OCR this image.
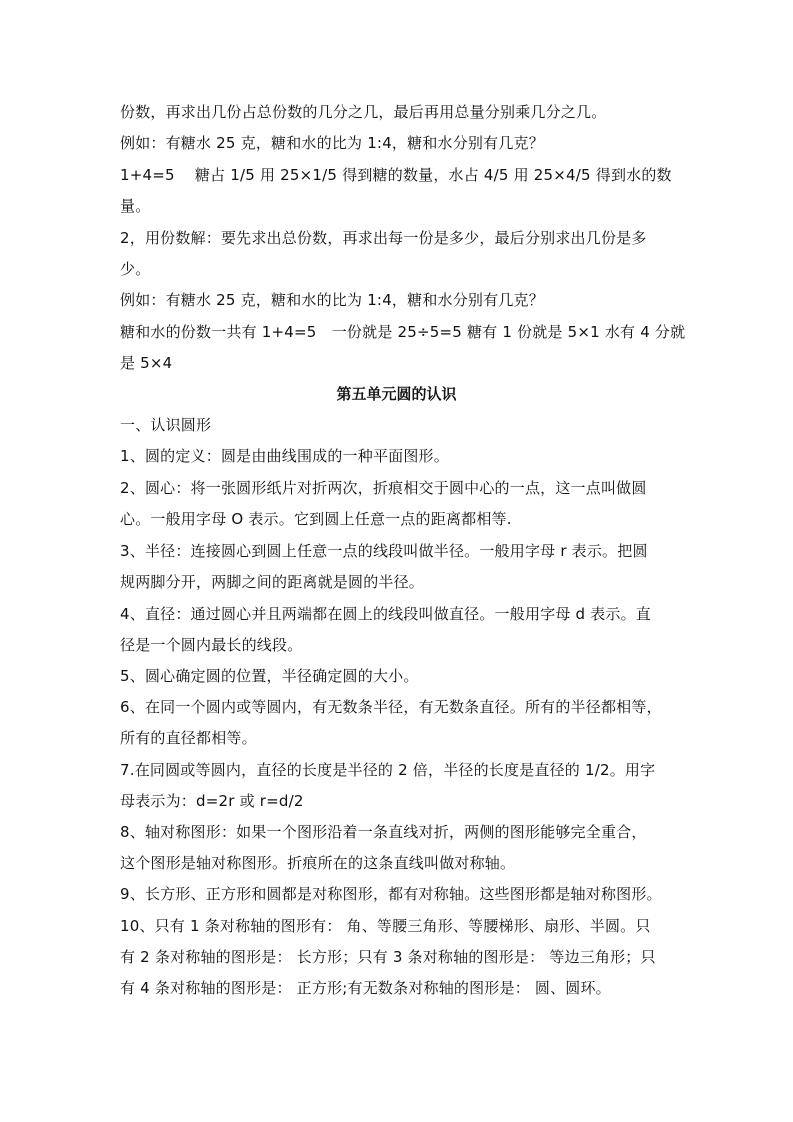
份数，再求出几份占总份数的几分之几，最后再用总量分别乘几分之几。
例如：有糖水 25 克，糖和水的比为 1:4，糖和水分别有几克？
1+4=5　 糖占 1/5 用 25×1/5 得到糖的数量，水占 4/5 用 25×4/5 得到水的数
量。
2，用份数解：要先求出总份数，再求出每一份是多少，最后分别求出几份是多
少。
例如：有糖水 25 克，糖和水的比为 1:4，糖和水分别有几克？
糖和水的份数一共有 1+4=5　一份就是 25÷5=5 糖有 1 份就是 5×1 水有 4 分就
是 5×4
第五单元圆的认识
一、认识圆形
1、圆的定义：圆是由曲线围成的一种平面图形。
2、圆心：将一张圆形纸片对折两次，折痕相交于圆中心的一点，这一点叫做圆
心。一般用字母 O 表示。它到圆上任意一点的距离都相等.
3、半径：连接圆心到圆上任意一点的线段叫做半径。一般用字母 r 表示。把圆
规两脚分开，两脚之间的距离就是圆的半径。
4、直径：通过圆心并且两端都在圆上的线段叫做直径。一般用字母 d 表示。直
径是一个圆内最长的线段。
5、圆心确定圆的位置，半径确定圆的大小。
6、在同一个圆内或等圆内，有无数条半径，有无数条直径。所有的半径都相等，
所有的直径都相等。
7.在同圆或等圆内，直径的长度是半径的 2 倍，半径的长度是直径的 1/2。用字
母表示为：d=2r 或 r=d/2
8、轴对称图形：如果一个图形沿着一条直线对折，两侧的图形能够完全重合，
这个图形是轴对称图形。折痕所在的这条直线叫做对称轴。
9、长方形、正方形和圆都是对称图形，都有对称轴。这些图形都是轴对称图形。
10、只有 1 条对称轴的图形有： 角、等腰三角形、等腰梯形、扇形、半圆。只
有 2 条对称轴的图形是： 长方形；只有 3 条对称轴的图形是： 等边三角形；只
有 4 条对称轴的图形是： 正方形;有无数条对称轴的图形是： 圆、圆环。
